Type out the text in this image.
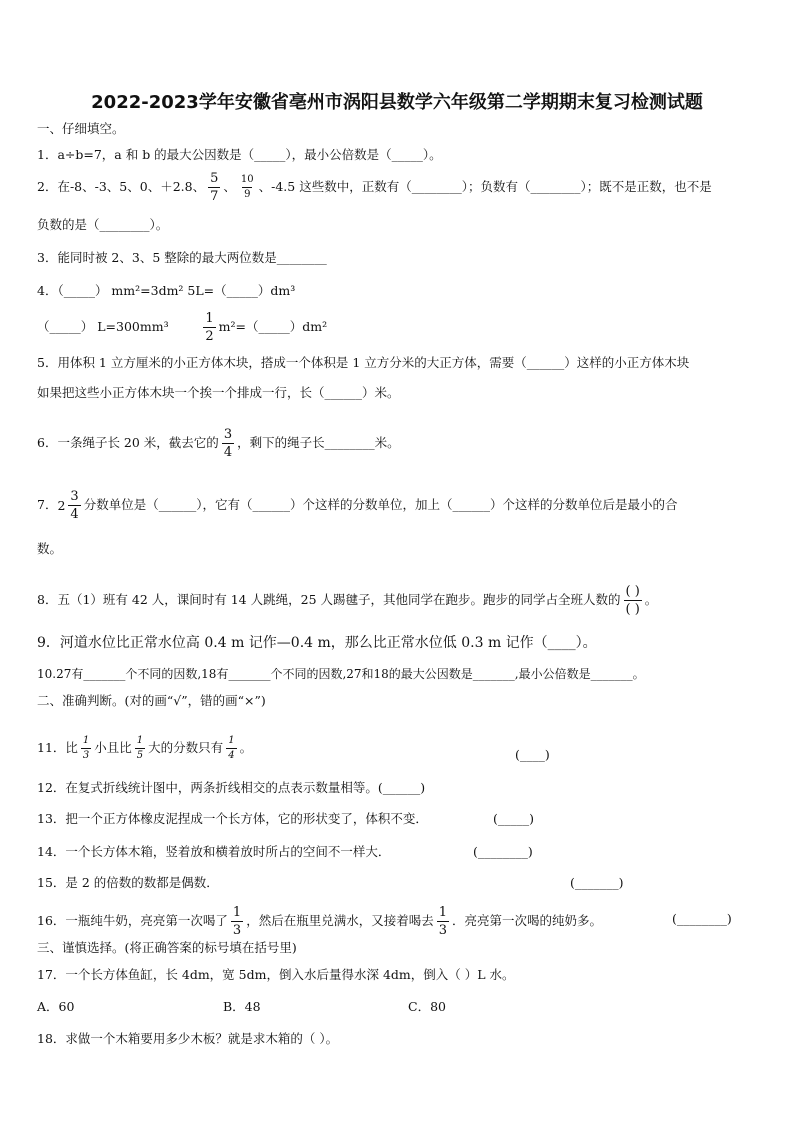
2022-2023学年安徽省亳州市涡阳县数学六年级第二学期期末复习检测试题
一、仔细填空。
1．a÷b=7，a 和 b 的最大公因数是（_____），最小公倍数是（_____）。
2．在-8、-3、5、0、＋2.8、 $\frac{5}{7}$ 、 $\frac{10}{9}$ 、-4.5 这些数中，正数有（________）；负数有（________）；既不是正数，也不是
负数的是（________）。
3．能同时被 2、3、5 整除的最大两位数是________
4．（_____） mm²=3dm² 5L=（_____）dm³
（_____） L=300mm³	$\frac{1}{2}$ m²=（_____）dm²
5．用体积 1 立方厘米的小正方体木块，搭成一个体积是 1 立方分米的大正方体，需要（______）这样的小正方体木块
如果把这些小正方体木块一个挨一个排成一行，长（______）米。
6．一条绳子长 20 米，截去它的 $\frac{3}{4}$ ，剩下的绳子长________米。
7． $2 \frac{3}{4}$ 分数单位是（______），它有（______）个这样的分数单位，加上（______）个这样的分数单位后是最小的合
数。
8．五（1）班有 42 人，课间时有 14 人跳绳，25 人踢毽子，其他同学在跑步。跑步的同学占全班人数的 $\frac{( )}{( )}$ 。
9．河道水位比正常水位高 0.4 m 记作—0.4 m，那么比正常水位低 0.3 m 记作（____）。
10.27有_______个不同的因数,18有_______个不同的因数,27和18的最大公因数是_______,最小公倍数是_______。
二、准确判断。(对的画“√”，错的画“×”)
11．比 $\frac{1}{3}$ 小且比 $\frac{1}{5}$ 大的分数只有 $\frac{1}{4}$ 。	(____)
12．在复式折线统计图中，两条折线相交的点表示数量相等。(______)
13．把一个正方体橡皮泥捏成一个长方体，它的形状变了，体积不变．	(_____)
14．一个长方体木箱，竖着放和横着放时所占的空间不一样大．	(________)
15．是 2 的倍数的数都是偶数．	(_______)
16．一瓶纯牛奶，亮亮第一次喝了 $\frac{1}{3}$ ，然后在瓶里兑满水，又接着喝去 $\frac{1}{3}$ ．亮亮第一次喝的纯奶多。	(________)
三、谨慎选择。(将正确答案的标号填在括号里)
17．一个长方体鱼缸，长 4dm，宽 5dm，倒入水后量得水深 4dm，倒入（ ）L 水。
A．60	B．48	C．80
18．求做一个木箱要用多少木板？就是求木箱的（ ）。
